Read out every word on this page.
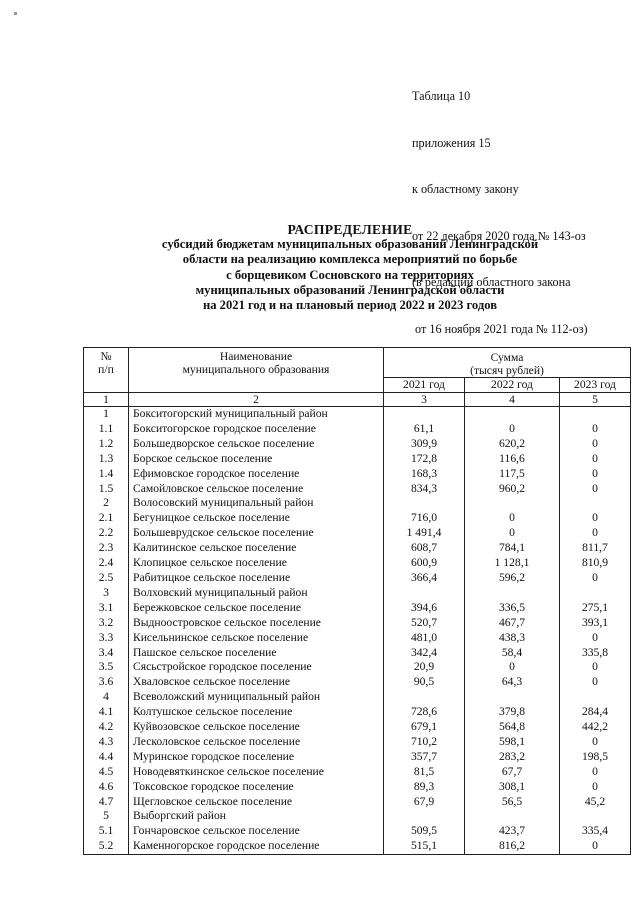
Таблица 10

приложения 15

к областному закону

от 22 декабря 2020 года № 143-оз

(в редакции областного закона

от 16 ноября 2021 года № 112-оз)

РАСПРЕДЕЛЕНИЕ
субсидий бюджетам муниципальных образований Ленинградской
области на реализацию комплекса мероприятий по борьбе
с борщевиком Сосновского на территориях
муниципальных образований Ленинградской области
на 2021 год и на плановый период 2022 и 2023 годов
№
п/п	Наименование
муниципального образования	Сумма
(тысяч рублей)		
		2021 год	2022 год	2023 год
1	2	3	4	5
1	Бокситогорский муниципальный район			
1.1	Бокситогорское городское поселение	61,1	0	0
1.2	Большедворское сельское поселение	309,9	620,2	0
1.3	Борское сельское поселение	172,8	116,6	0
1.4	Ефимовское городское поселение	168,3	117,5	0
1.5	Самойловское сельское поселение	834,3	960,2	0
2	Волосовский муниципальный район			
2.1	Бегуницкое сельское поселение	716,0	0	0
2.2	Большеврудское сельское поселение	1 491,4	0	0
2.3	Калитинское сельское поселение	608,7	784,1	811,7
2.4	Клопицкое сельское поселение	600,9	1 128,1	810,9
2.5	Рабитицкое сельское поселение	366,4	596,2	0
3	Волховский муниципальный район			
3.1	Бережковское сельское поселение	394,6	336,5	275,1
3.2	Выдноостровское сельское поселение	520,7	467,7	393,1
3.3	Кисельнинское сельское поселение	481,0	438,3	0
3.4	Пашское сельское поселение	342,4	58,4	335,8
3.5	Сясьстройское городское поселение	20,9	0	0
3.6	Хваловское сельское поселение	90,5	64,3	0
4	Всеволожский муниципальный район			
4.1	Колтушское сельское поселение	728,6	379,8	284,4
4.2	Куйвозовское сельское поселение	679,1	564,8	442,2
4.3	Лесколовское сельское поселение	710,2	598,1	0
4.4	Муринское городское поселение	357,7	283,2	198,5
4.5	Новодевяткинское сельское поселение	81,5	67,7	0
4.6	Токсовское городское поселение	89,3	308,1	0
4.7	Щегловское сельское поселение	67,9	56,5	45,2
5	Выборгский район			
5.1	Гончаровское сельское поселение	509,5	423,7	335,4
5.2	Каменногорское городское поселение	515,1	816,2	0
